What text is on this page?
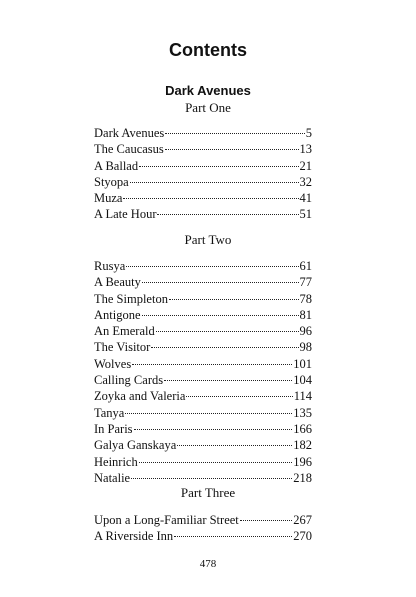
Contents
Dark Avenues
Part One
Dark Avenues	5
The Caucasus	13
A Ballad	21
Styopa	32
Muza	41
A Late Hour	51
Part Two
Rusya	61
A Beauty	77
The Simpleton	78
Antigone	81
An Emerald	96
The Visitor	98
Wolves	101
Calling Cards	104
Zoyka and Valeria	114
Tanya	135
In Paris	166
Galya Ganskaya	182
Heinrich	196
Natalie	218
Part Three
Upon a Long-Familiar Street	267
A Riverside Inn	270
478
